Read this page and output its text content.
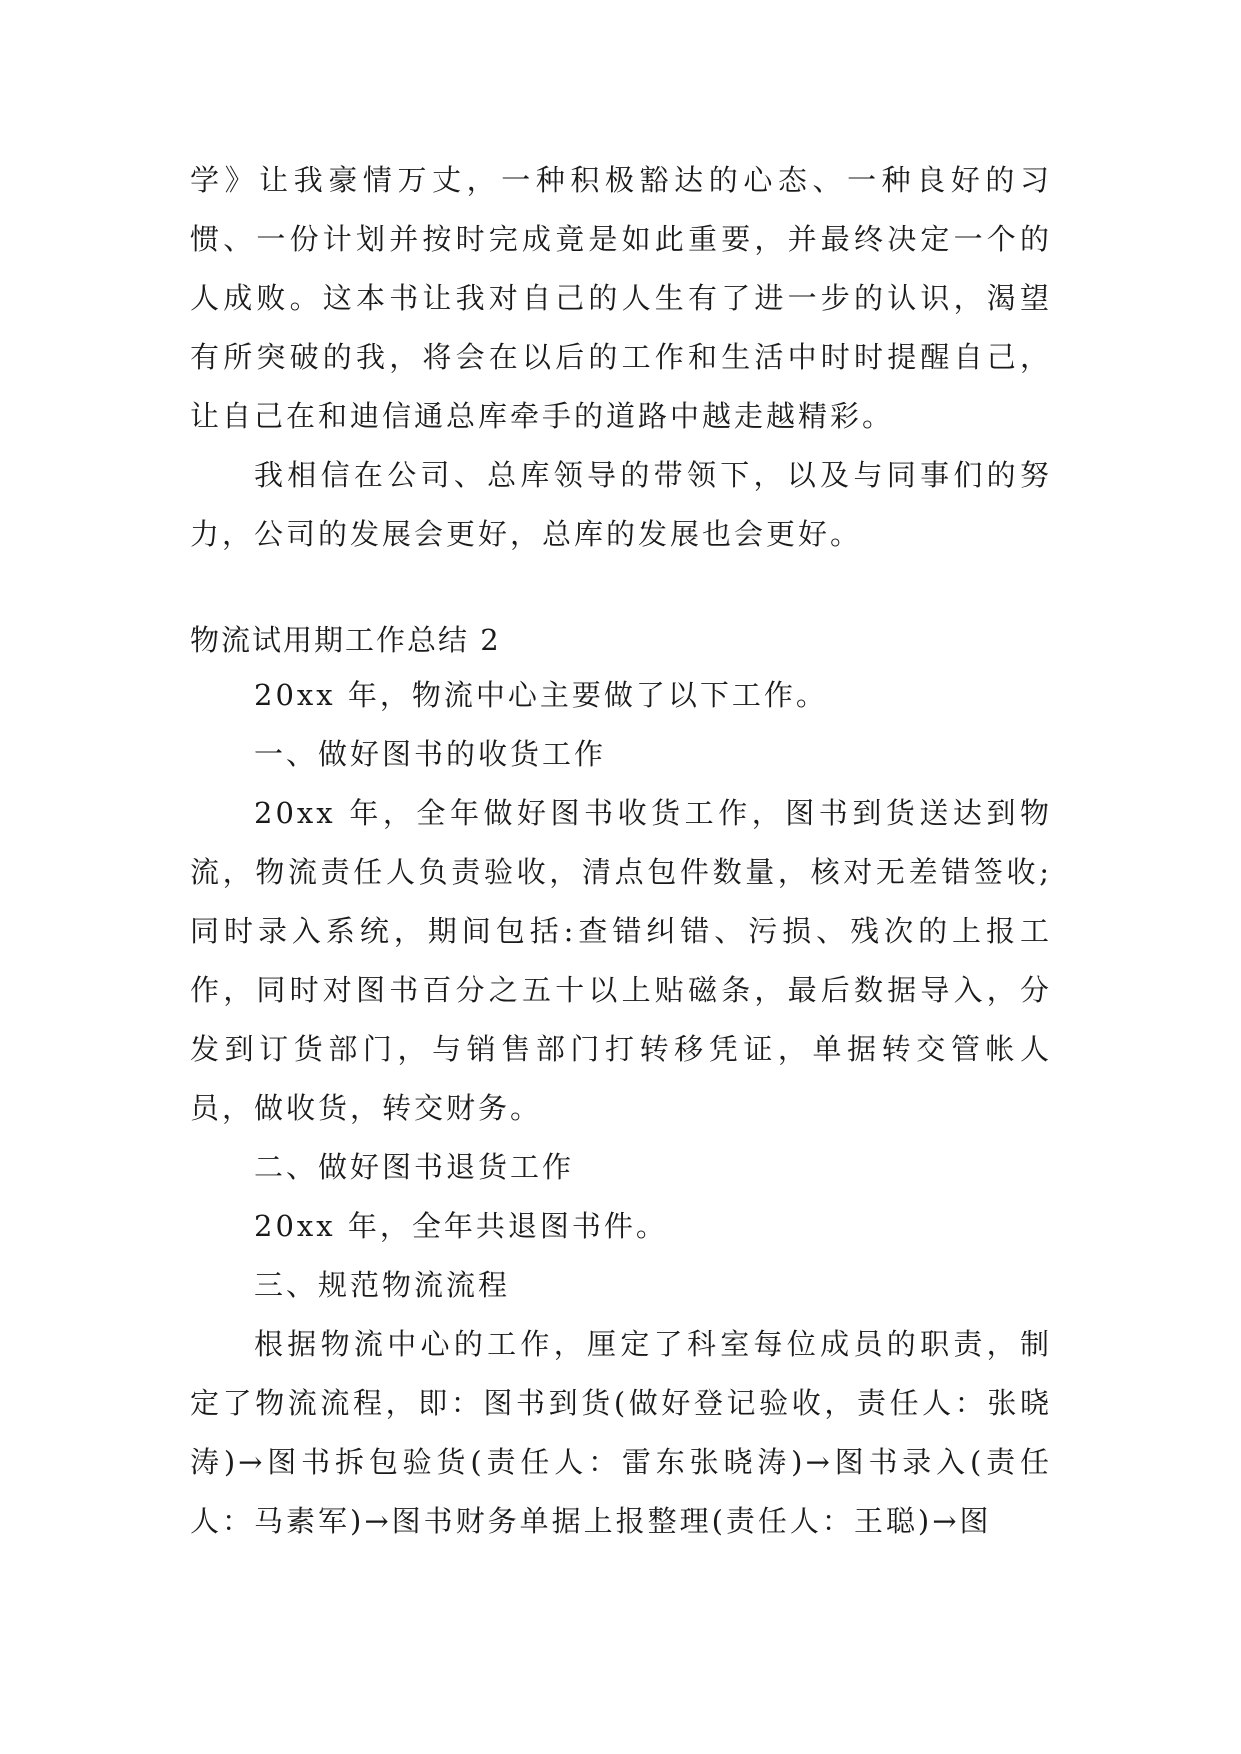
学》让我豪情万丈，一种积极豁达的心态、一种良好的习惯、一份计划并按时完成竟是如此重要，并最终决定一个的人成败。这本书让我对自己的人生有了进一步的认识，渴望有所突破的我，将会在以后的工作和生活中时时提醒自己，让自己在和迪信通总库牵手的道路中越走越精彩。

我相信在公司、总库领导的带领下，以及与同事们的努力，公司的发展会更好，总库的发展也会更好。

物流试用期工作总结 2

20xx 年，物流中心主要做了以下工作。

一、做好图书的收货工作

20xx 年，全年做好图书收货工作，图书到货送达到物流，物流责任人负责验收，清点包件数量，核对无差错签收;同时录入系统，期间包括:查错纠错、污损、残次的上报工作，同时对图书百分之五十以上贴磁条，最后数据导入，分发到订货部门，与销售部门打转移凭证，单据转交管帐人员，做收货，转交财务。

二、做好图书退货工作

20xx 年，全年共退图书件。

三、规范物流流程

根据物流中心的工作，厘定了科室每位成员的职责，制定了物流流程，即：图书到货(做好登记验收，责任人：张晓涛)→图书拆包验货(责任人：雷东张晓涛)→图书录入(责任人：马素军)→图书财务单据上报整理(责任人：王聪)→图
